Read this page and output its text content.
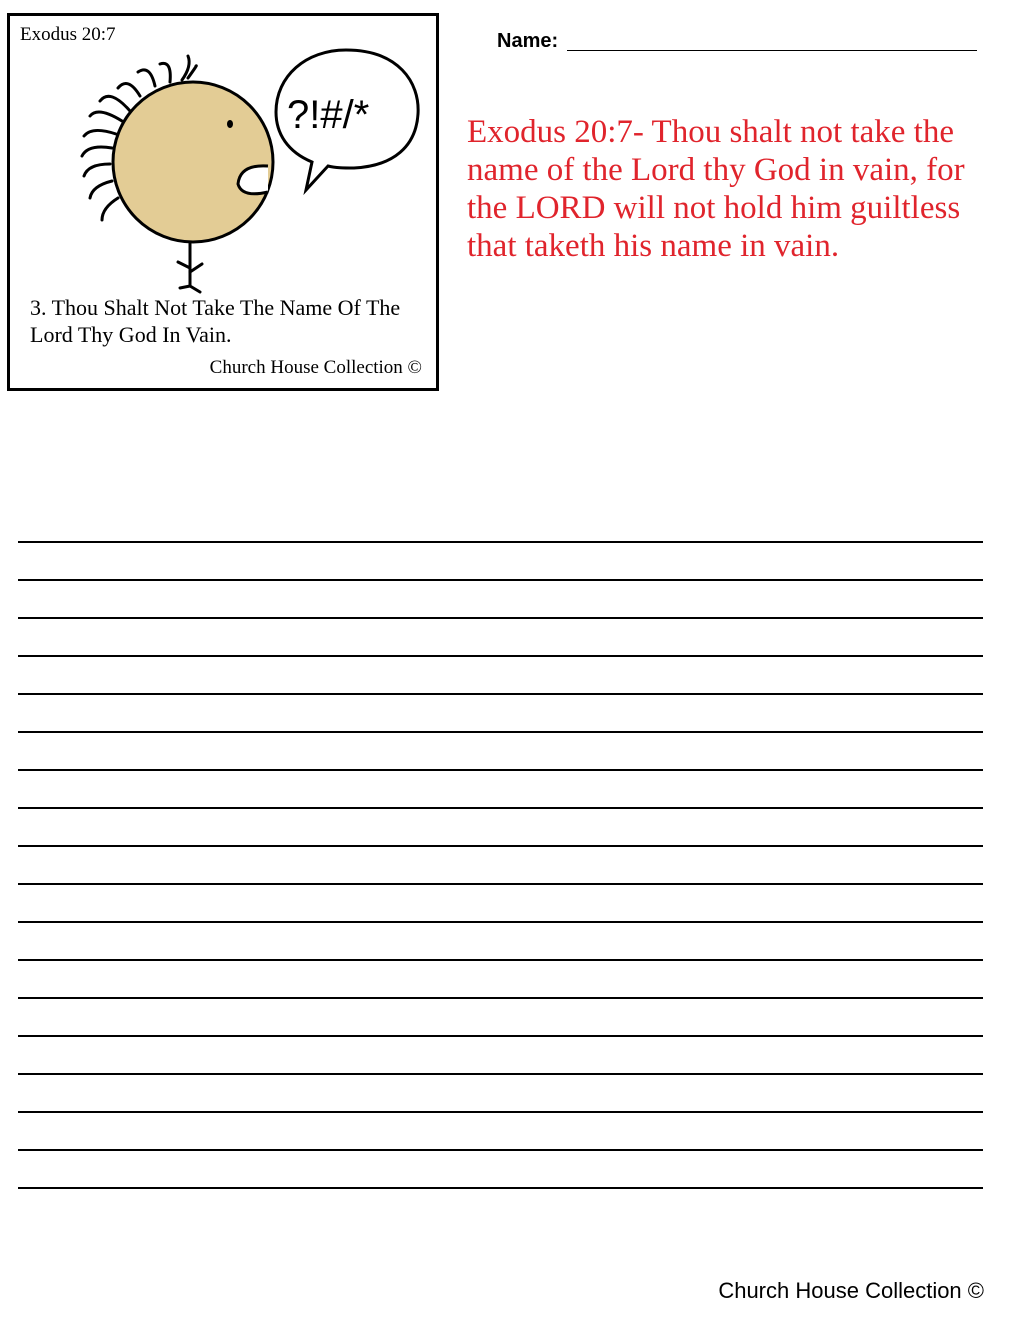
Exodus 20:7
?!#/*
3. Thou Shalt Not Take The Name Of The Lord Thy God In Vain.
Church House Collection ©
Name:
Exodus 20:7- Thou shalt not take the name of the Lord thy God in vain, for the LORD will not hold him guiltless that taketh his name in vain.
Church House Collection ©
